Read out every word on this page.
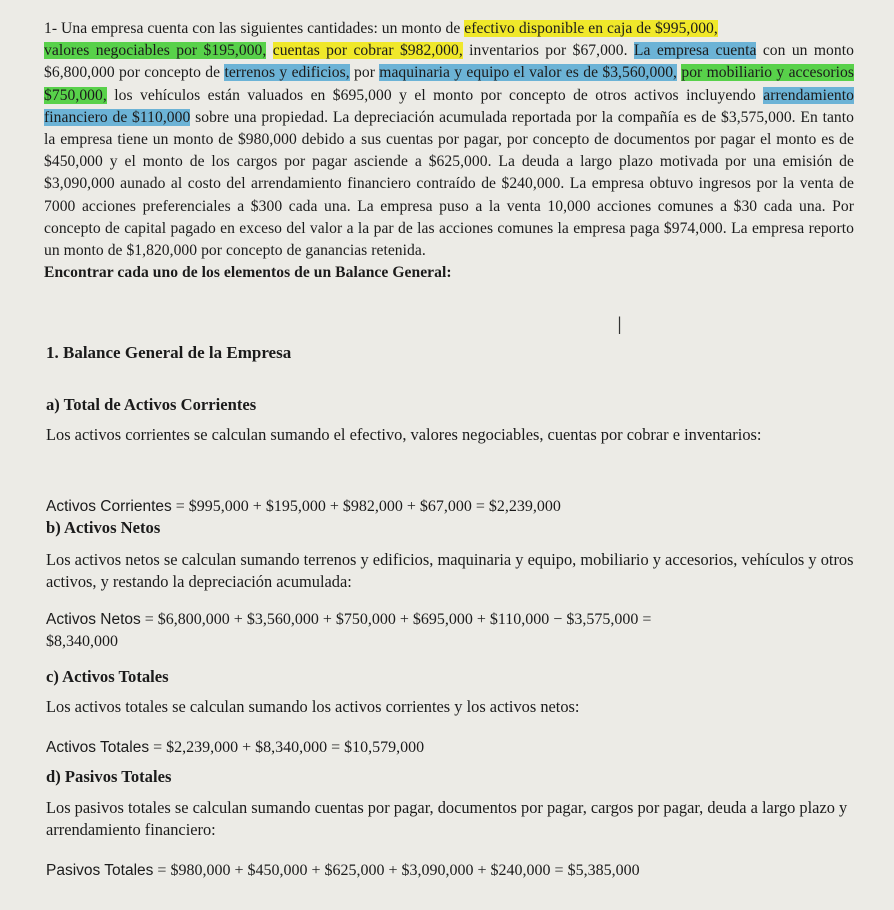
1- Una empresa cuenta con las siguientes cantidades: un monto de efectivo disponible en caja de $995,000,
valores negociables por $195,000, cuentas por cobrar $982,000, inventarios por $67,000. La empresa cuenta con un monto $6,800,000 por concepto de terrenos y edificios, por maquinaria y equipo el valor es de $3,560,000, por mobiliario y accesorios $750,000, los vehículos están valuados en $695,000 y el monto por concepto de otros activos incluyendo arrendamiento financiero de $110,000 sobre una propiedad. La depreciación acumulada reportada por la compañía es de $3,575,000. En tanto la empresa tiene un monto de $980,000 debido a sus cuentas por pagar, por concepto de documentos por pagar el monto es de $450,000 y el monto de los cargos por pagar asciende a $625,000. La deuda a largo plazo motivada por una emisión de $3,090,000 aunado al costo del arrendamiento financiero contraído de $240,000. La empresa obtuvo ingresos por la venta de 7000 acciones preferenciales a $300 cada una. La empresa puso a la venta 10,000 acciones comunes a $30 cada una. Por concepto de capital pagado en exceso del valor a la par de las acciones comunes la empresa paga $974,000. La empresa reporto un monto de $1,820,000 por concepto de ganancias retenida.

Encontrar cada uno de los elementos de un Balance General:

I
1. Balance General de la Empresa
a) Total de Activos Corrientes
Los activos corrientes se calculan sumando el efectivo, valores negociables, cuentas por cobrar e inventarios:
Activos Corrientes = $995,000 + $195,000 + $982,000 + $67,000 = $2,239,000
b) Activos Netos
Los activos netos se calculan sumando terrenos y edificios, maquinaria y equipo, mobiliario y accesorios, vehículos y otros activos, y restando la depreciación acumulada:
Activos Netos = $6,800,000 + $3,560,000 + $750,000 + $695,000 + $110,000 − $3,575,000 =
$8,340,000
c) Activos Totales
Los activos totales se calculan sumando los activos corrientes y los activos netos:
Activos Totales = $2,239,000 + $8,340,000 = $10,579,000
d) Pasivos Totales
Los pasivos totales se calculan sumando cuentas por pagar, documentos por pagar, cargos por pagar, deuda a largo plazo y arrendamiento financiero:
Pasivos Totales = $980,000 + $450,000 + $625,000 + $3,090,000 + $240,000 = $5,385,000
